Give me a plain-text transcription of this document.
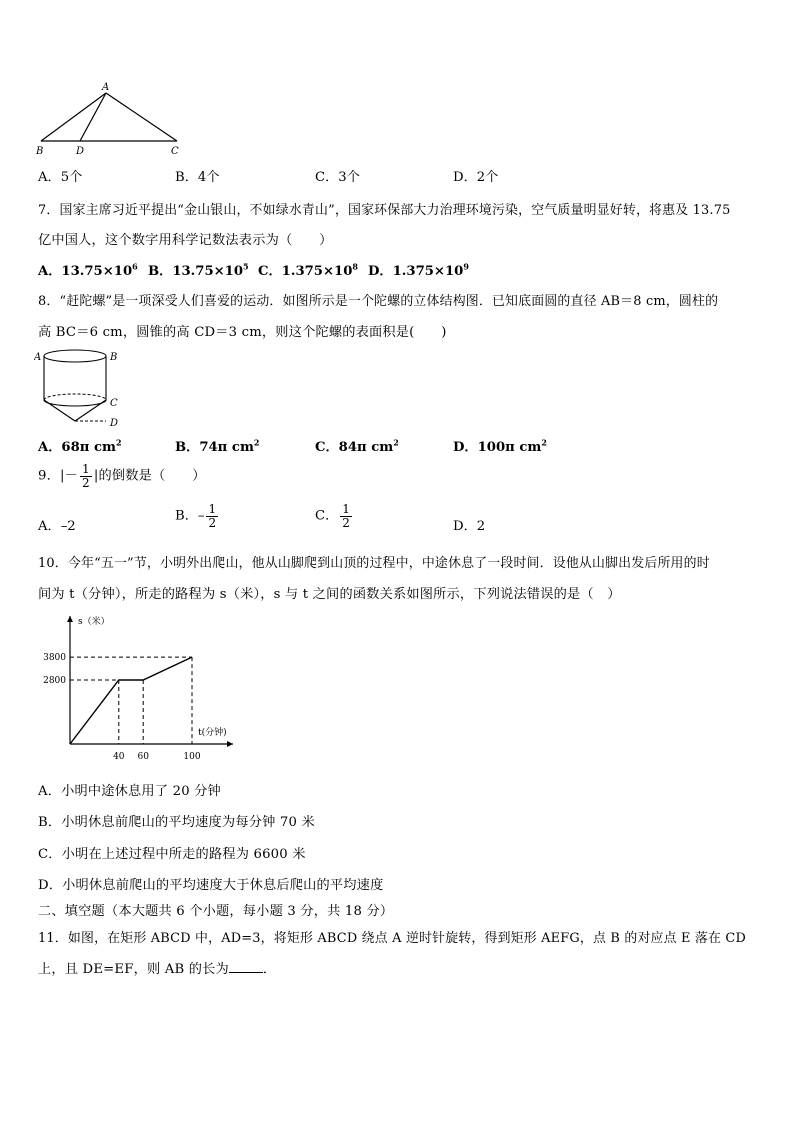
A
B	D	C
A．5个	B．4个	C．3个	D．2个
7．国家主席习近平提出“金山银山，不如绿水青山”，国家环保部大力治理环境污染，空气质量明显好转，将惠及 13.75
亿中国人，这个数字用科学记数法表示为（　　）
A．$13.75\times 10^6$ B．$13.75\times 10^5$ C．$1.375\times 10^8$ D．$1.375\times 10^9$
8．“赶陀螺”是一项深受人们喜爱的运动．如图所示是一个陀螺的立体结构图．已知底面圆的直径 AB＝8 cm，圆柱的
高 BC＝6 cm，圆锥的高 CD＝3 cm，则这个陀螺的表面积是(　　)
A	B
C
D
A．68π $cm^2$	B．74π $cm^2$	C．84π $cm^2$	D．100π $cm^2$
9．|－ $\frac{1}{2}$ |的倒数是（　　）
A．–2
B．– $\frac{1}{2}$	C． $\frac{1}{2}$	D．2
10．今年“五一”节，小明外出爬山，他从山脚爬到山顶的过程中，中途休息了一段时间．设他从山脚出发后所用的时
间为 t（分钟），所走的路程为 s（米），s 与 t 之间的函数关系如图所示，下列说法错误的是（　）
s（米）
t(分钟)
40 60	100
2800
3800
A．小明中途休息用了 20 分钟
B．小明休息前爬山的平均速度为每分钟 70 米
C．小明在上述过程中所走的路程为 6600 米
D．小明休息前爬山的平均速度大于休息后爬山的平均速度
二、填空题（本大题共 6 个小题，每小题 3 分，共 18 分）
11．如图，在矩形 ABCD 中，AD=3，将矩形 ABCD 绕点 A 逆时针旋转，得到矩形 AEFG，点 B 的对应点 E 落在 CD
上，且 DE=EF，则 AB 的长为	．
